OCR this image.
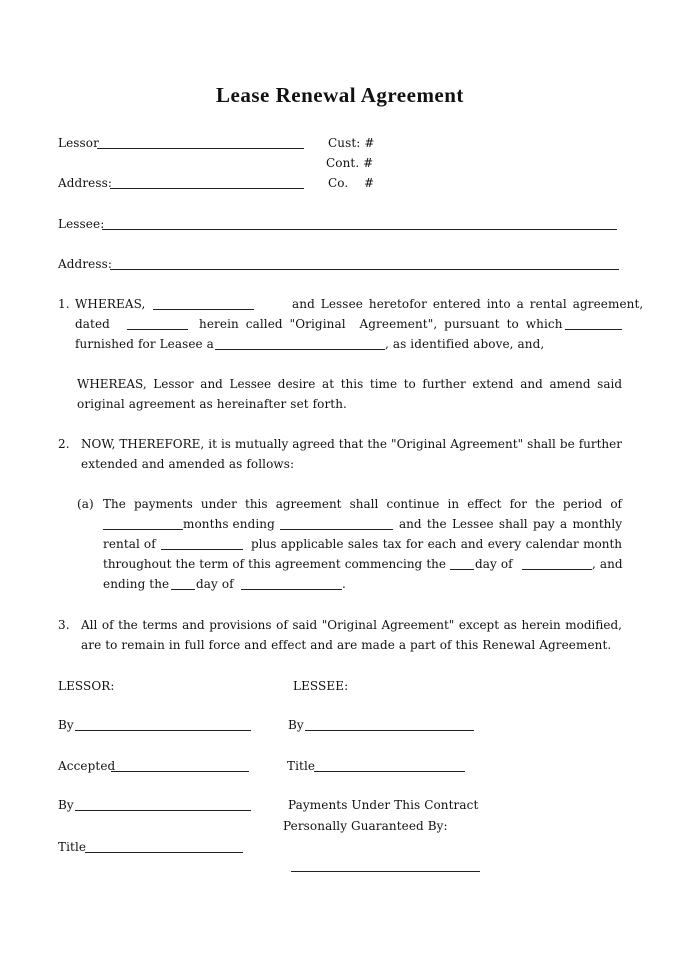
Lease Renewal Agreement
Lessor	Cust: #
Cont. #
Address:	Co.    #
Lessee:
Address:
1. WHEREAS,	and Lessee heretofor entered into a rental agreement,
dated	herein called "Original  Agreement", pursuant to which
furnished for Leasee a	, as identified above, and,
WHEREAS, Lessor and Lessee desire at this time to further extend and amend said
original agreement as hereinafter set forth.
2. NOW, THEREFORE, it is mutually agreed that the "Original Agreement" shall be further
extended and amended as follows:
(a) The payments under this agreement shall continue in effect for the period of
months ending	and the Lessee shall pay a monthly
rental of	plus applicable sales tax for each and every calendar month
throughout the term of this agreement commencing the day of	, and
ending the day of	.
3. All of the terms and provisions of said "Original Agreement" except as herein modified,
are to remain in full force and effect and are made a part of this Renewal Agreement.
LESSOR:	LESSEE:
By	By
Accepted	Title
By	Payments Under This Contract
Personally Guaranteed By:
Title
